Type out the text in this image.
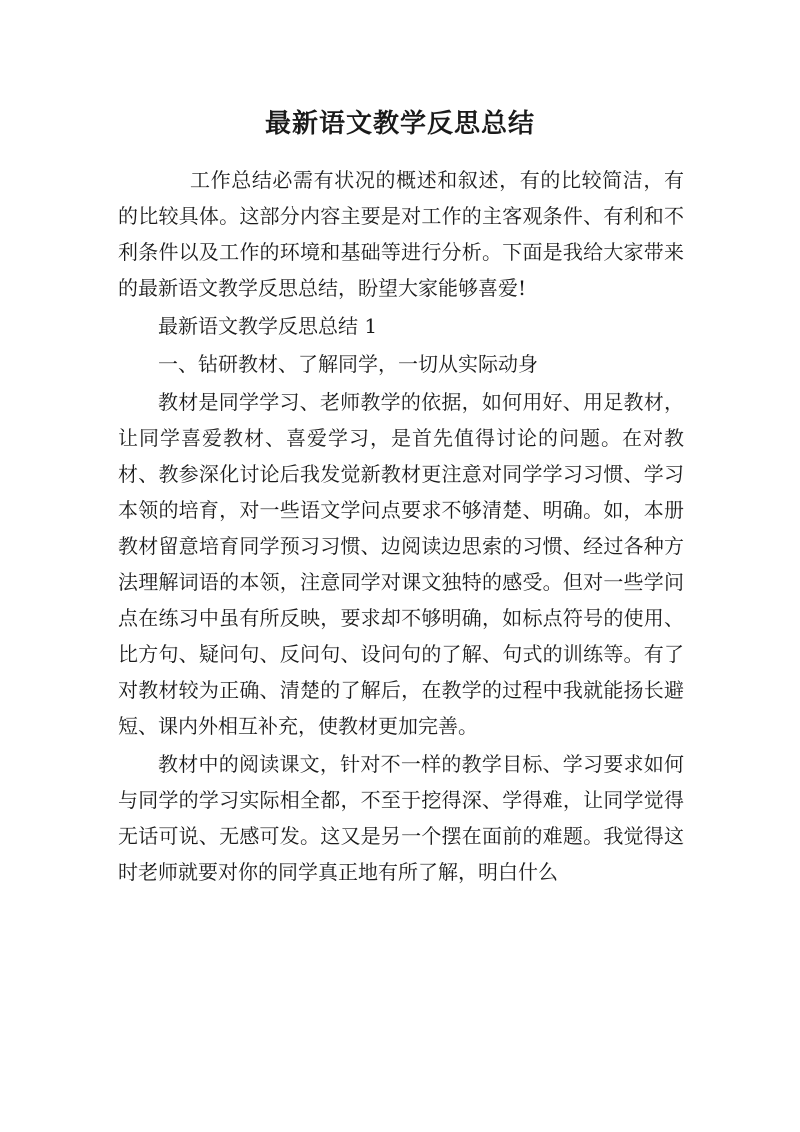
最新语文教学反思总结

工作总结必需有状况的概述和叙述，有的比较简洁，有的比较具体。这部分内容主要是对工作的主客观条件、有利和不利条件以及工作的环境和基础等进行分析。下面是我给大家带来的最新语文教学反思总结，盼望大家能够喜爱!

最新语文教学反思总结 1

一、钻研教材、了解同学，一切从实际动身

教材是同学学习、老师教学的依据，如何用好、用足教材，让同学喜爱教材、喜爱学习，是首先值得讨论的问题。在对教材、教参深化讨论后我发觉新教材更注意对同学学习习惯、学习本领的培育，对一些语文学问点要求不够清楚、明确。如，本册教材留意培育同学预习习惯、边阅读边思索的习惯、经过各种方法理解词语的本领，注意同学对课文独特的感受。但对一些学问点在练习中虽有所反映，要求却不够明确，如标点符号的使用、比方句、疑问句、反问句、设问句的了解、句式的训练等。有了对教材较为正确、清楚的了解后，在教学的过程中我就能扬长避短、课内外相互补充，使教材更加完善。

教材中的阅读课文，针对不一样的教学目标、学习要求如何与同学的学习实际相全都，不至于挖得深、学得难，让同学觉得无话可说、无感可发。这又是另一个摆在面前的难题。我觉得这时老师就要对你的同学真正地有所了解，明白什么
